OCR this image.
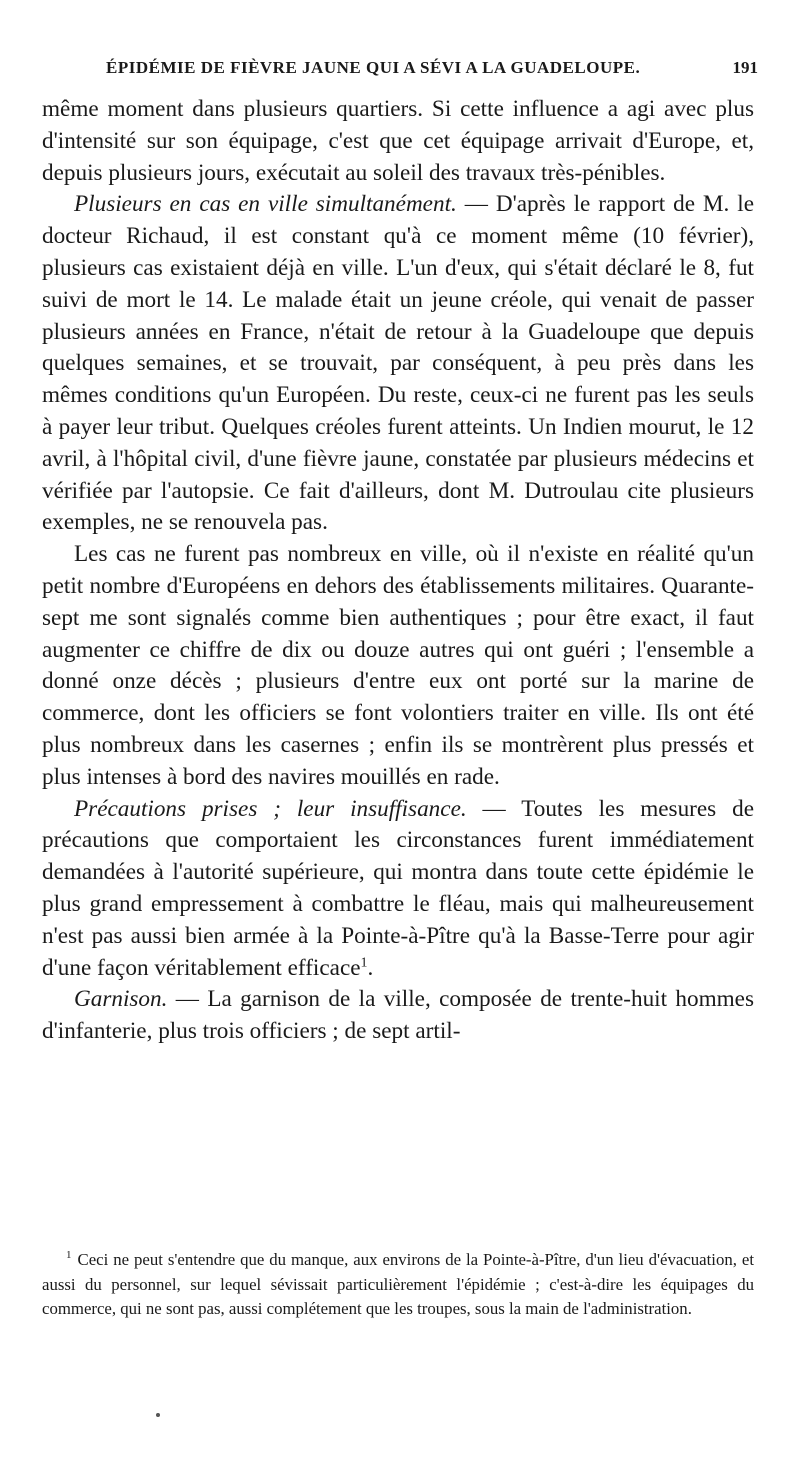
ÉPIDÉMIE DE FIÈVRE JAUNE QUI A SÉVI A LA GUADELOUPE.	191

même moment dans plusieurs quartiers. Si cette influence a agi avec plus d'intensité sur son équipage, c'est que cet équipage arrivait d'Europe, et, depuis plusieurs jours, exécutait au soleil des travaux très-pénibles.

Plusieurs en cas en ville simultanément. — D'après le rapport de M. le docteur Richaud, il est constant qu'à ce moment même (10 février), plusieurs cas existaient déjà en ville. L'un d'eux, qui s'était déclaré le 8, fut suivi de mort le 14. Le malade était un jeune créole, qui venait de passer plusieurs années en France, n'était de retour à la Guadeloupe que depuis quelques semaines, et se trouvait, par conséquent, à peu près dans les mêmes conditions qu'un Européen. Du reste, ceux-ci ne furent pas les seuls à payer leur tribut. Quelques créoles furent atteints. Un Indien mourut, le 12 avril, à l'hôpital civil, d'une fièvre jaune, constatée par plusieurs médecins et vérifiée par l'autopsie. Ce fait d'ailleurs, dont M. Dutroulau cite plusieurs exemples, ne se renouvela pas.

Les cas ne furent pas nombreux en ville, où il n'existe en réalité qu'un petit nombre d'Européens en dehors des établissements militaires. Quarante-sept me sont signalés comme bien authentiques ; pour être exact, il faut augmenter ce chiffre de dix ou douze autres qui ont guéri ; l'ensemble a donné onze décès ; plusieurs d'entre eux ont porté sur la marine de commerce, dont les officiers se font volontiers traiter en ville. Ils ont été plus nombreux dans les casernes ; enfin ils se montrèrent plus pressés et plus intenses à bord des navires mouillés en rade.

Précautions prises ; leur insuffisance. — Toutes les mesures de précautions que comportaient les circonstances furent immédiatement demandées à l'autorité supérieure, qui montra dans toute cette épidémie le plus grand empressement à combattre le fléau, mais qui malheureusement n'est pas aussi bien armée à la Pointe-à-Pître qu'à la Basse-Terre pour agir d'une façon véritablement efficace$^1$.

Garnison. — La garnison de la ville, composée de trente-huit hommes d'infanterie, plus trois officiers ; de sept artil-

$^1$ Ceci ne peut s'entendre que du manque, aux environs de la Pointe-à-Pître, d'un lieu d'évacuation, et aussi du personnel, sur lequel sévissait particulièrement l'épidémie ; c'est-à-dire les équipages du commerce, qui ne sont pas, aussi complétement que les troupes, sous la main de l'administration.
